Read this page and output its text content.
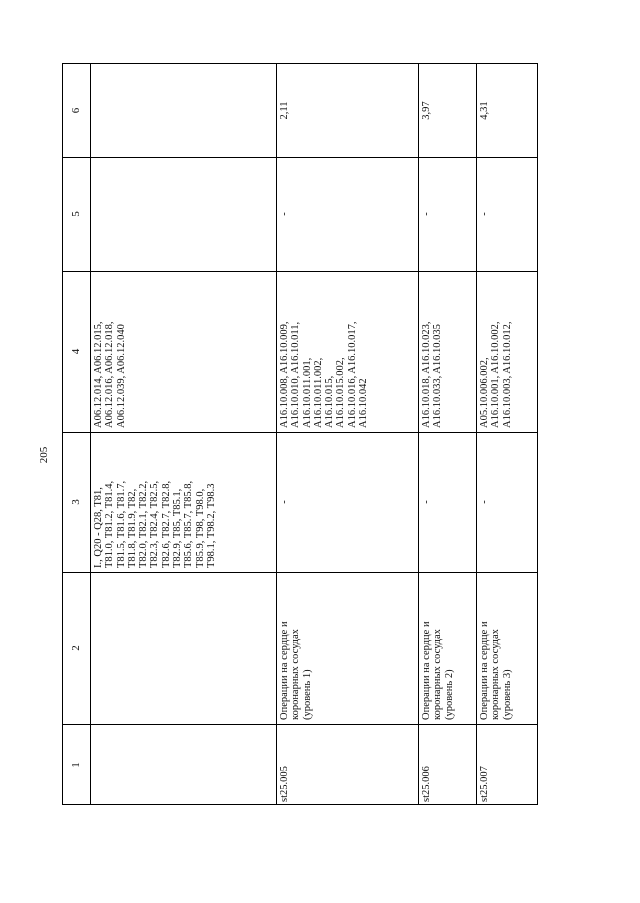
205
1
2
3
4
5
6
I., Q20 - Q28, T81,
T81.0, T81.2, T81.4,
T81.5, T81.6, T81.7,
T81.8, T81.9, T82,
T82.0, T82.1, T82.2,
T82.3, T82.4, T82.5,
T82.6, T82.7, T82.8,
T82.9, T85, T85.1,
T85.6, T85.7, T85.8,
T85.9, T98, T98.0,
T98.1, T98.2, T98.3
A06.12.014, A06.12.015,
A06.12.016, A06.12.018,
A06.12.039, A06.12.040
st25.005
Операции на сердце и
коронарных сосудах
(уровень 1)
-
A16.10.008, A16.10.009,
A16.10.010, A16.10.011,
A16.10.011.001,
A16.10.011.002,
A16.10.015,
A16.10.015.002,
A16.10.016, A16.10.017,
A16.10.042
-
2,11
st25.006
Операции на сердце и
коронарных сосудах
(уровень 2)
-
A16.10.018, A16.10.023,
A16.10.033, A16.10.035
-
3,97
st25.007
Операции на сердце и
коронарных сосудах
(уровень 3)
-
A05.10.006.002,
A16.10.001, A16.10.002,
A16.10.003, A16.10.012,
-
4,31
